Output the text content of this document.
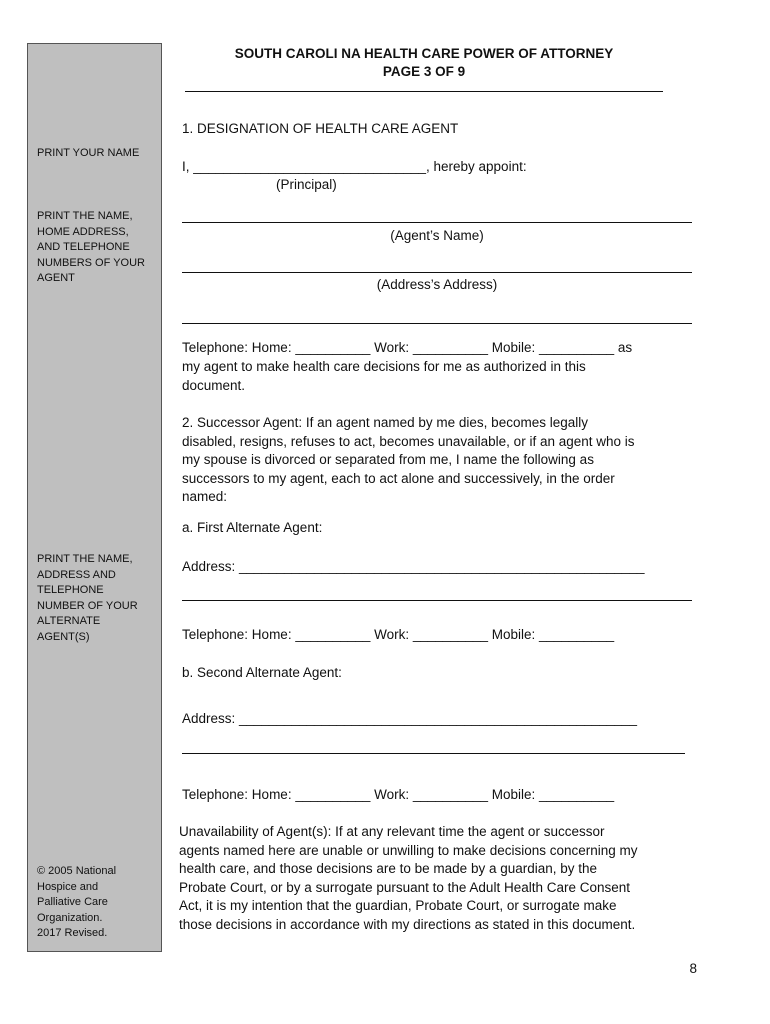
PRINT YOUR NAME
PRINT THE NAME,
HOME ADDRESS,
AND TELEPHONE
NUMBERS OF YOUR
AGENT
PRINT THE NAME,
ADDRESS AND
TELEPHONE
NUMBER OF YOUR
ALTERNATE
AGENT(S)
© 2005 National
Hospice and
Palliative Care
Organization.
2017 Revised.
SOUTH CAROLI NA HEALTH CARE POWER OF ATTORNEY
PAGE 3 OF 9
1. DESIGNATION OF HEALTH CARE AGENT
I, _______________________________, hereby appoint:
(Principal)
(Agent’s Name)
(Address’s Address)
Telephone: Home: __________ Work: __________ Mobile: __________ as
my agent to make health care decisions for me as authorized in this
document.
2. Successor Agent: If an agent named by me dies, becomes legally
disabled, resigns, refuses to act, becomes unavailable, or if an agent who is
my spouse is divorced or separated from me, I name the following as
successors to my agent, each to act alone and successively, in the order
named:
a. First Alternate Agent:
Address: ______________________________________________________
Telephone: Home: __________ Work: __________ Mobile: __________
b. Second Alternate Agent:
Address: _____________________________________________________
Telephone: Home: __________ Work: __________ Mobile: __________
Unavailability of Agent(s): If at any relevant time the agent or successor
agents named here are unable or unwilling to make decisions concerning my
health care, and those decisions are to be made by a guardian, by the
Probate Court, or by a surrogate pursuant to the Adult Health Care Consent
Act, it is my intention that the guardian, Probate Court, or surrogate make
those decisions in accordance with my directions as stated in this document.
8
